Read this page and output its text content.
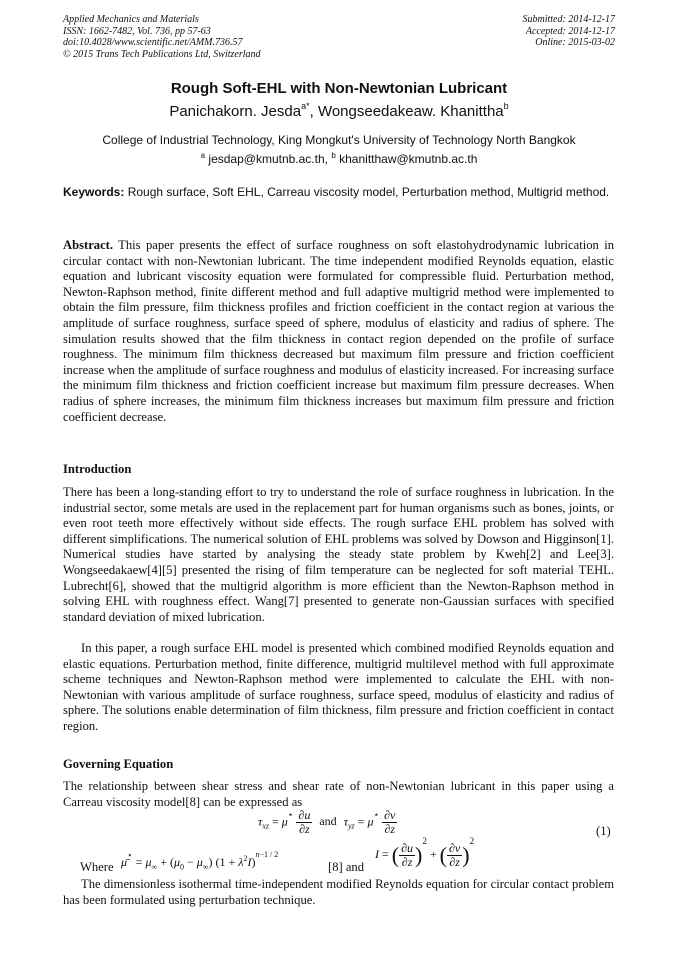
Applied Mechanics and Materials
ISSN: 1662-7482, Vol. 736, pp 57-63
doi:10.4028/www.scientific.net/AMM.736.57
© 2015 Trans Tech Publications Ltd, Switzerland
Submitted: 2014-12-17
Accepted: 2014-12-17
Online: 2015-03-02
Rough Soft-EHL with Non-Newtonian Lubricant
Panichakorn. Jesda$^{a*}$, Wongseedakeaw. Khanittha$^b$
College of Industrial Technology, King Mongkut's University of Technology North Bangkok
$^a$ jesdap@kmutnb.ac.th, $^b$ khanitthaw@kmutnb.ac.th
Keywords: Rough surface, Soft EHL, Carreau viscosity model, Perturbation method, Multigrid method.
Abstract. This paper presents the effect of surface roughness on soft elastohydrodynamic lubrication in circular contact with non-Newtonian lubricant. The time independent modified Reynolds equation, elastic equation and lubricant viscosity equation were formulated for compressible fluid. Perturbation method, Newton-Raphson method, finite different method and full adaptive multigrid method were implemented to obtain the film pressure, film thickness profiles and friction coefficient in the contact region at various the amplitude of surface roughness, surface speed of sphere, modulus of elasticity and radius of sphere. The simulation results showed that the film thickness in contact region depended on the profile of surface roughness. The minimum film thickness decreased but maximum film pressure and friction coefficient increase when the amplitude of surface roughness and modulus of elasticity increased. For increasing surface the minimum film thickness and friction coefficient increase but maximum film pressure decreases. When radius of sphere increases, the minimum film thickness increases but maximum film pressure and friction coefficient decrease.
Introduction
There has been a long-standing effort to try to understand the role of surface roughness in lubrication. In the industrial sector, some metals are used in the replacement part for human organisms such as bones, joints, or even root teeth more effectively without side effects. The rough surface EHL problem has solved with different simplifications. The numerical solution of EHL problems was solved by Dowson and Higginson[1]. Numerical studies have started by analysing the steady state problem by Kweh[2] and Lee[3]. Wongseedakaew[4][5] presented the rising of film temperature can be neglected for soft material TEHL. Lubrecht[6], showed that the multigrid algorithm is more efficient than the Newton-Raphson method in solving EHL with roughness effect. Wang[7] presented to generate non-Gaussian surfaces with specified standard deviation of mixed lubrication.
In this paper, a rough surface EHL model is presented which combined modified Reynolds equation and elastic equations. Perturbation method, finite difference, multigrid multilevel method with full approximate scheme techniques and Newton-Raphson method were implemented to calculate the EHL with non-Newtonian with various amplitude of surface roughness, surface speed, modulus of elasticity and radius of sphere. The solutions enable determination of film thickness, film pressure and friction coefficient in contact region.
Governing Equation
The relationship between shear stress and shear rate of non-Newtonian lubricant in this paper using a Carreau viscosity model[8] can be expressed as
$\tau_{xz} = \mu^⋆ \frac{\partial u}{\partial z}$ and $\tau_{yz} = \mu^⋆ \frac{\partial v}{\partial z}$	(1)
Where μ̄⋆ = $\mu_\infty + (\mu_0 - \mu_\infty) (1 + \lambda^2I)^{n-1 / 2}$
[8] and
I = ( $\frac{\partial u}{\partial z} )^2$ + ( $\frac{\partial v}{\partial z} )^2$
The dimensionless isothermal time-independent modified Reynolds equation for circular contact problem has been formulated using perturbation technique.
